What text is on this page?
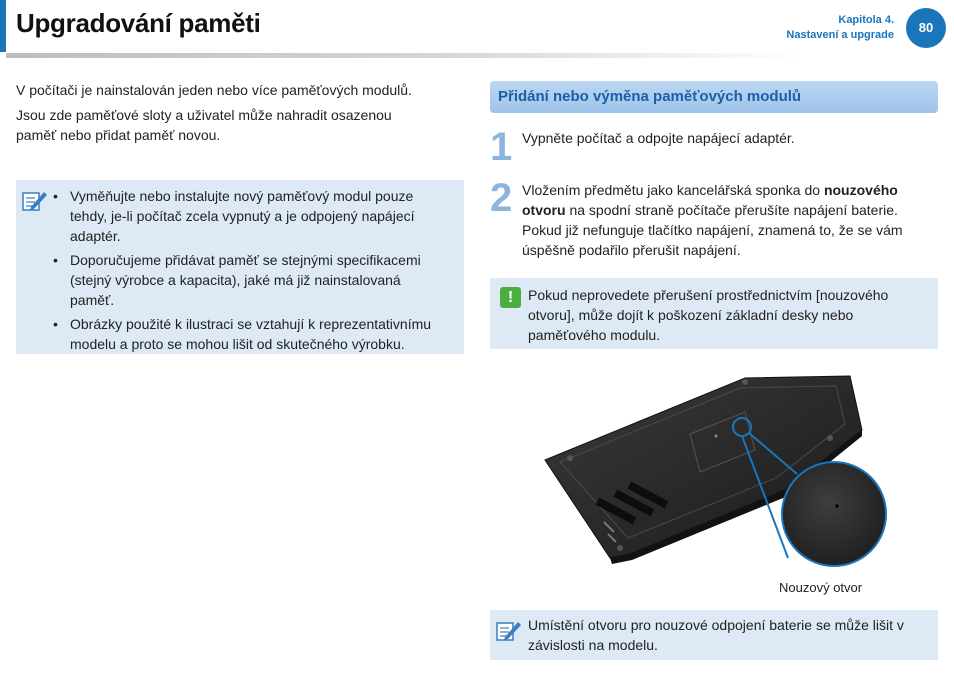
Upgradování paměti	Kapitola 4.
Nastavení a upgrade	80

V počítači je nainstalován jeden nebo více paměťových modulů.

Jsou zde paměťové sloty a uživatel může nahradit osazenou
paměť nebo přidat paměť novou.

• Vyměňujte nebo instalujte nový paměťový modul pouze
tehdy, je-li počítač zcela vypnutý a je odpojený napájecí
adaptér.
• Doporučujeme přidávat paměť se stejnými specifikacemi
(stejný výrobce a kapacita), jaké má již nainstalovaná
paměť.
• Obrázky použité k ilustraci se vztahují k reprezentativnímu
modelu a proto se mohou lišit od skutečného výrobku.
Přidání nebo výměna paměťových modulů
1 Vypněte počítač a odpojte napájecí adaptér.

2 Vložením předmětu jako kancelářská sponka do nouzového
otvoru na spodní straně počítače přerušíte napájení baterie.
Pokud již nefunguje tlačítko napájení, znamená to, že se vám
úspěšně podařilo přerušit napájení.

!

Pokud neprovedete přerušení prostřednictvím [nouzového
otvoru], může dojít k poškození základní desky nebo
paměťového modulu.

Nouzový otvor

Umístění otvoru pro nouzové odpojení baterie se může lišit v
závislosti na modelu.
